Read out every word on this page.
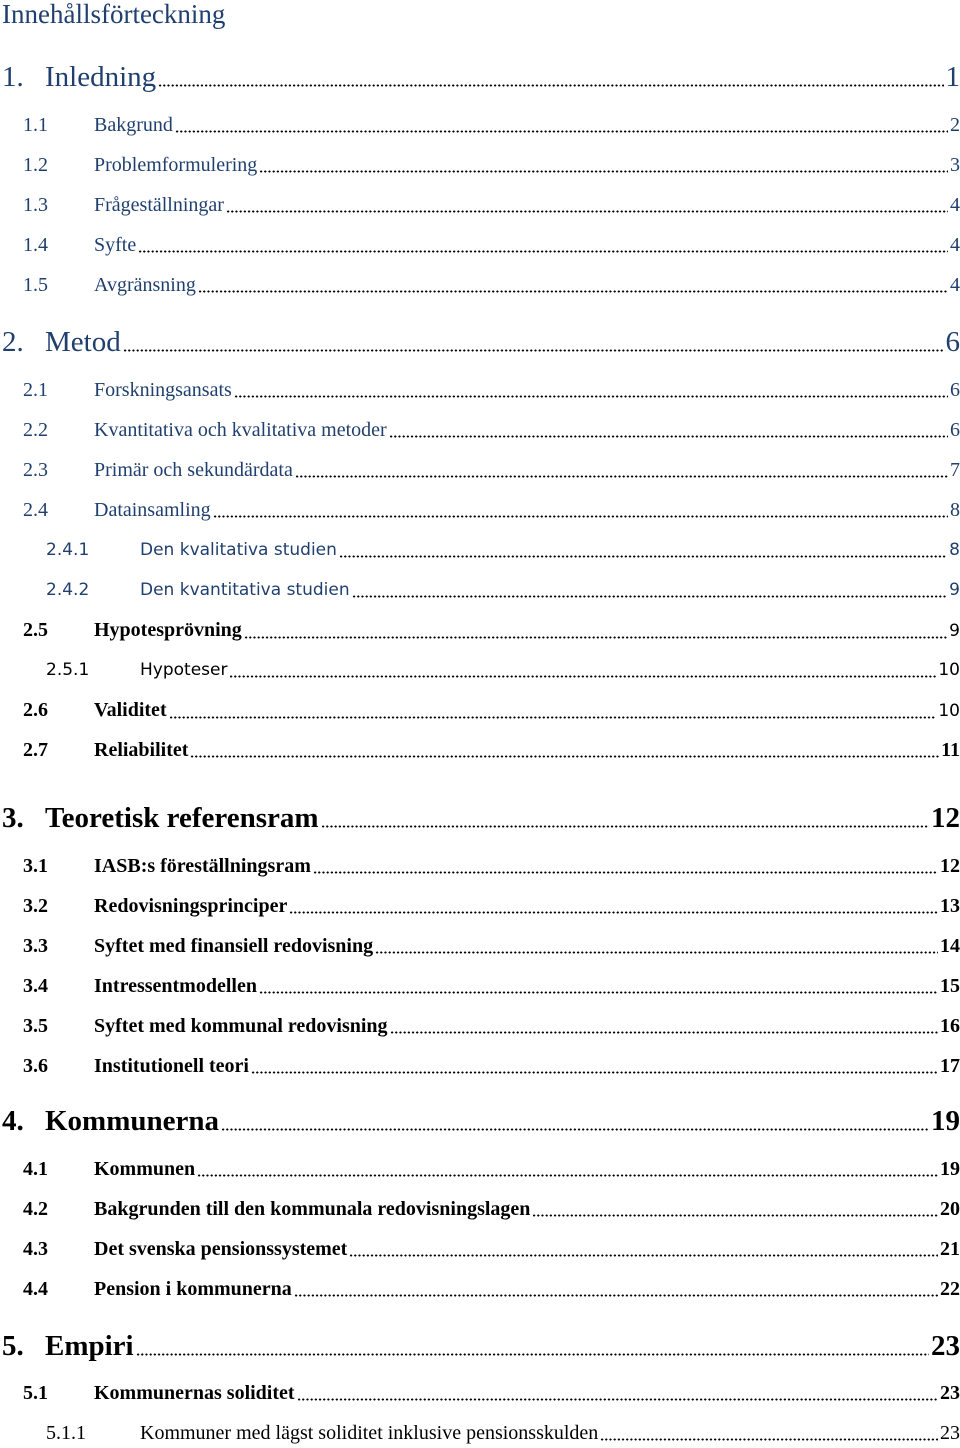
Innehållsförteckning
1. Inledning	1
1.1	Bakgrund	2
1.2	Problemformulering	3
1.3	Frågeställningar	4
1.4	Syfte	4
1.5	Avgränsning	4
2. Metod	6
2.1	Forskningsansats	6
2.2	Kvantitativa och kvalitativa metoder	6
2.3	Primär och sekundärdata	7
2.4	Datainsamling	8
2.4.1	Den kvalitativa studien	8
2.4.2	Den kvantitativa studien	9
2.5	Hypotesprövning	9
2.5.1	Hypoteser	10
2.6	Validitet	10
2.7	Reliabilitet	11
3. Teoretisk referensram	12
3.1	IASB:s föreställningsram	12
3.2	Redovisningsprinciper	13
3.3	Syftet med finansiell redovisning	14
3.4	Intressentmodellen	15
3.5	Syftet med kommunal redovisning	16
3.6	Institutionell teori	17
4. Kommunerna	19
4.1	Kommunen	19
4.2	Bakgrunden till den kommunala redovisningslagen	20
4.3	Det svenska pensionssystemet	21
4.4	Pension i kommunerna	22
5. Empiri	23
5.1	Kommunernas soliditet	23
5.1.1	Kommuner med lägst soliditet inklusive pensionsskulden	23
